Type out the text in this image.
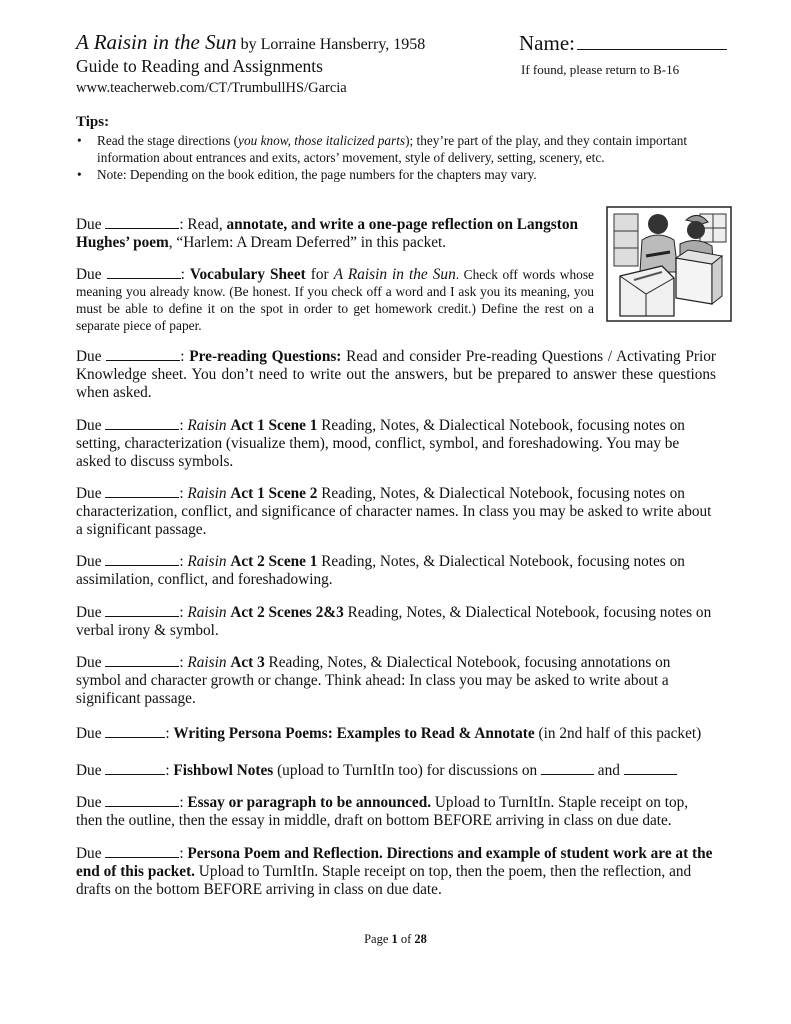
A Raisin in the Sun by Lorraine Hansberry, 1958	Name:
Guide to Reading and Assignments	If found, please return to B-16
www.teacherweb.com/CT/TrumbullHS/Garcia
Tips:
• Read the stage directions (you know, those italicized parts); they’re part of the play, and they contain important information about entrances and exits, actors’ movement, style of delivery, setting, scenery, etc.
• Note: Depending on the book edition, the page numbers for the chapters may vary.

Due	: Read, annotate, and write a one-page reflection on Langston Hughes’ poem, “Harlem: A Dream Deferred” in this packet.

Due	: Vocabulary Sheet for A Raisin in the Sun. Check off words whose meaning you already know. (Be honest. If you check off a word and I ask you its meaning, you must be able to define it on the spot in order to get homework credit.) Define the rest on a separate piece of paper.

Due	: Pre-reading Questions: Read and consider Pre-reading Questions / Activating Prior Knowledge sheet. You don’t need to write out the answers, but be prepared to answer these questions when asked.

Due	: Raisin Act 1 Scene 1 Reading, Notes, & Dialectical Notebook, focusing notes on setting, characterization (visualize them), mood, conflict, symbol, and foreshadowing. You may be asked to discuss symbols.

Due	: Raisin Act 1 Scene 2 Reading, Notes, & Dialectical Notebook, focusing notes on characterization, conflict, and significance of character names. In class you may be asked to write about a significant passage.

Due	: Raisin Act 2 Scene 1 Reading, Notes, & Dialectical Notebook, focusing notes on assimilation, conflict, and foreshadowing.

Due	: Raisin Act 2 Scenes 2&3 Reading, Notes, & Dialectical Notebook, focusing notes on verbal irony & symbol.

Due	: Raisin Act 3 Reading, Notes, & Dialectical Notebook, focusing annotations on symbol and character growth or change. Think ahead: In class you may be asked to write about a significant passage.

Due	: Writing Persona Poems: Examples to Read & Annotate (in 2nd half of this packet)

Due	: Fishbowl Notes (upload to TurnItIn too) for discussions on	and

Due	: Essay or paragraph to be announced. Upload to TurnItIn. Staple receipt on top, then the outline, then the essay in middle, draft on bottom BEFORE arriving in class on due date.

Due	: Persona Poem and Reflection. Directions and example of student work are at the end of this packet. Upload to TurnItIn. Staple receipt on top, then the poem, then the reflection, and drafts on the bottom BEFORE arriving in class on due date.

Page 1 of 28
